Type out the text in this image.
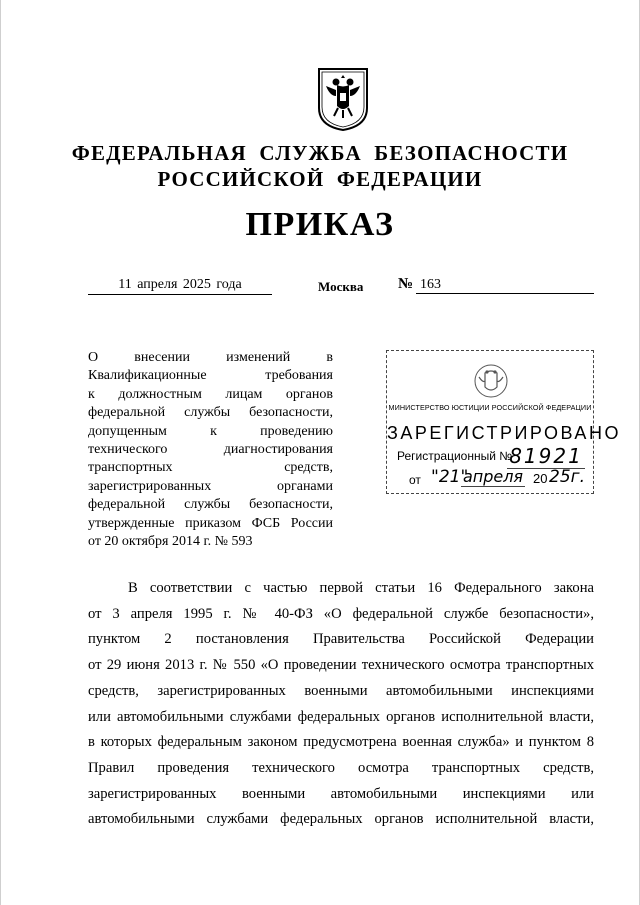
ФЕДЕРАЛЬНАЯ СЛУЖБА БЕЗОПАСНОСТИ
РОССИЙСКОЙ ФЕДЕРАЦИИ
ПРИКАЗ
11 апреля 2025 года	Москва № 163
О внесении изменений в
Квалификационные требования
к должностным лицам органов
федеральной службы безопасности,
допущенным к проведению
технического диагностирования
транспортных средств,
зарегистрированных органами
федеральной службы безопасности,
утвержденные приказом ФСБ России
от 20 октября 2014 г. № 593
МИНИСТЕРСТВО ЮСТИЦИИ РОССИЙСКОЙ ФЕДЕРАЦИИ
ЗАРЕГИСТРИРОВАНО
Регистрационный №
81921
от "21"
апреля 20 25г.
В соответствии с частью первой статьи 16 Федерального закона
от 3 апреля 1995 г. № 40-ФЗ «О федеральной службе безопасности»,
пунктом 2 постановления Правительства Российской Федерации
от 29 июня 2013 г. № 550 «О проведении технического осмотра транспортных
средств, зарегистрированных военными автомобильными инспекциями
или автомобильными службами федеральных органов исполнительной власти,
в которых федеральным законом предусмотрена военная служба» и пунктом 8
Правил проведения технического осмотра транспортных средств,
зарегистрированных военными автомобильными инспекциями или
автомобильными службами федеральных органов исполнительной власти,
